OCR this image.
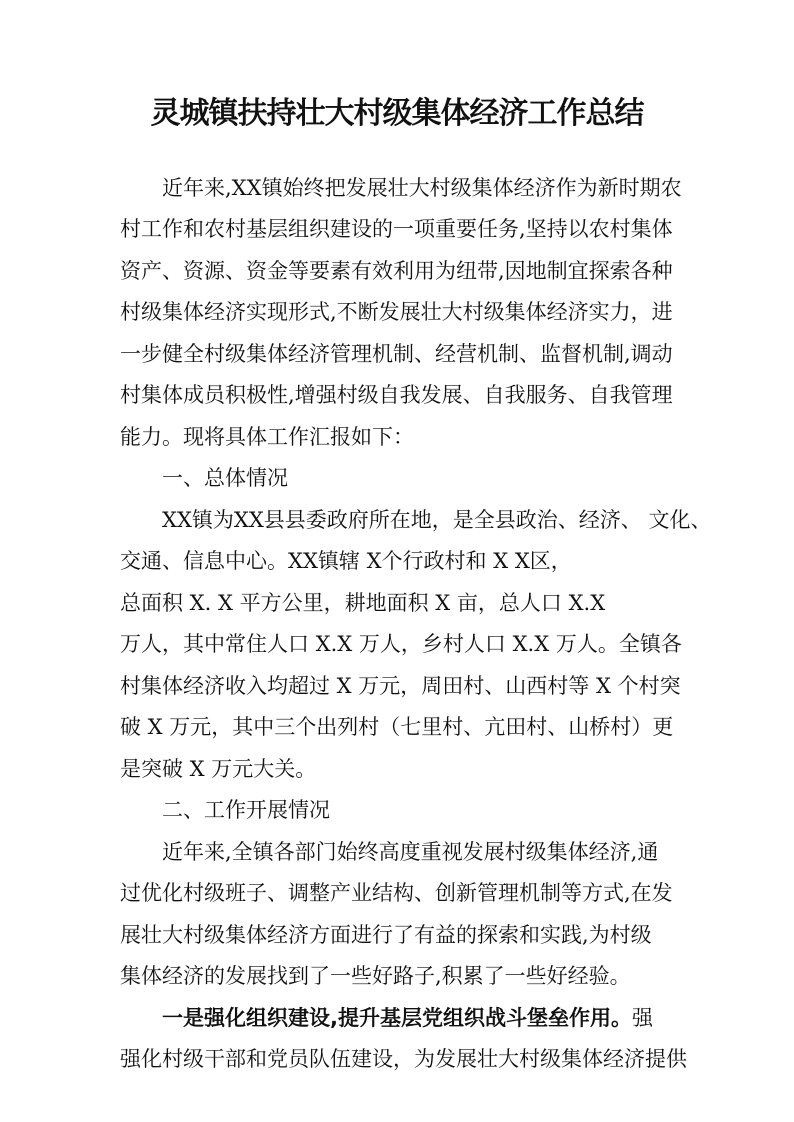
灵城镇扶持壮大村级集体经济工作总结
近年来,XX镇始终把发展壮大村级集体经济作为新时期农
村工作和农村基层组织建设的一项重要任务,坚持以农村集体
资产、资源、资金等要素有效利用为纽带,因地制宜探索各种
村级集体经济实现形式,不断发展壮大村级集体经济实力，进
一步健全村级集体经济管理机制、经营机制、监督机制,调动
村集体成员积极性,增强村级自我发展、自我服务、自我管理
能力。现将具体工作汇报如下：
一、总体情况
XX镇为XX县县委政府所在地，是全县政治、经济、 文化、
交通、信息中心。XX镇辖 X个行政村和 X X区，
总面积 X. X 平方公里，耕地面积 X 亩，总人口 X.X
万人，其中常住人口 X.X 万人，乡村人口 X.X 万人。全镇各
村集体经济收入均超过 X 万元，周田村、山西村等 X 个村突
破 X 万元，其中三个出列村（七里村、亢田村、山桥村）更
是突破 X 万元大关。
二、工作开展情况
近年来,全镇各部门始终高度重视发展村级集体经济,通
过优化村级班子、调整产业结构、创新管理机制等方式,在发
展壮大村级集体经济方面进行了有益的探索和实践,为村级
集体经济的发展找到了一些好路子,积累了一些好经验。
一是强化组织建设,提升基层党组织战斗堡垒作用。强
强化村级干部和党员队伍建设，为发展壮大村级集体经济提供
